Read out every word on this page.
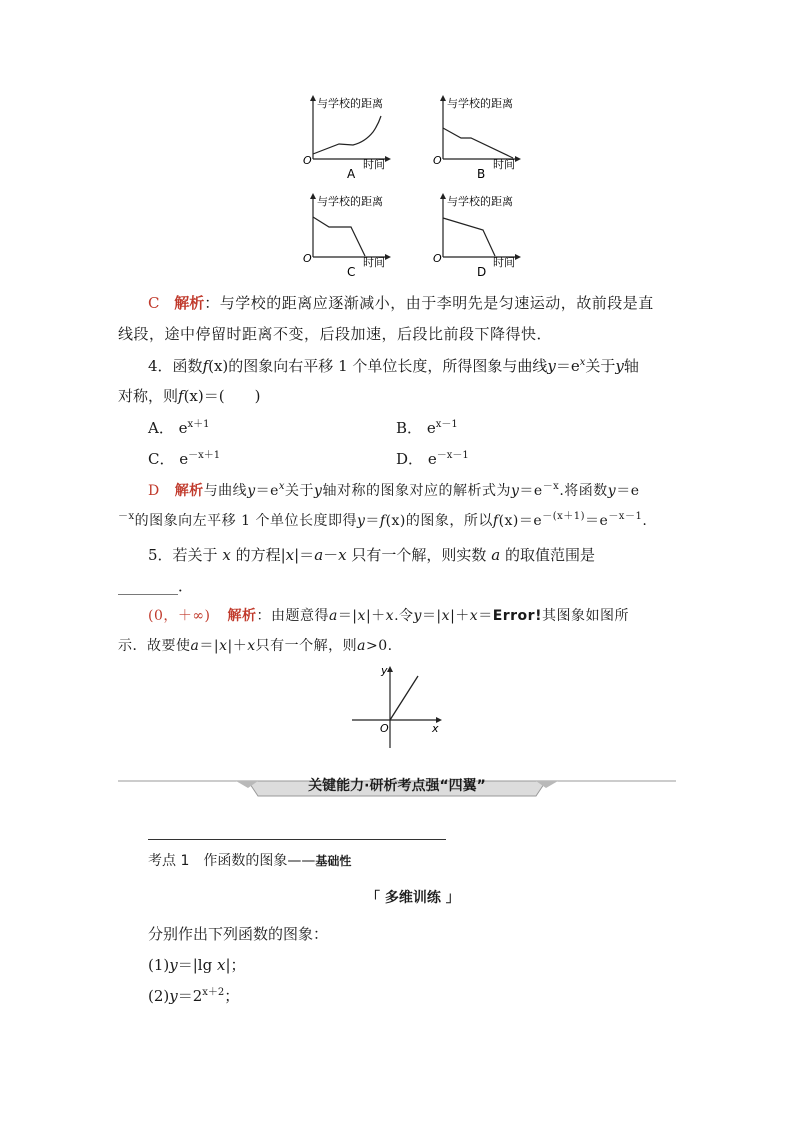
与学校的距离
时间
O
A
与学校的距离
时间
O
B
与学校的距离
时间
O
C
与学校的距离
时间
O
D
C 解析：与学校的距离应逐渐减小，由于李明先是匀速运动，故前段是直
线段，途中停留时距离不变，后段加速，后段比前段下降得快．
4．函数f(x)的图象向右平移 1 个单位长度，所得图象与曲线$y=e^x$关于y轴
对称，则f(x)＝(　　)
A． $e^{x+1}$	B． $e^{x-1}$
C． $e^{-x+1}$	D． $e^{-x-1}$
D 解析与曲线$y=e^x$关于y轴对称的图象对应的解析式为$y=e^{-x}$.将函数y＝e
$^{-x}$的图象向左平移 1 个单位长度即得y＝f(x)的图象，所以$f(x)=e^{-(x+1)}=e^{-x-1}$.
5．若关于 x 的方程|x|＝a－x 只有一个解，则实数 a 的取值范围是
________．
(0，＋∞) 解析：由题意得a＝|x|＋x.令y＝|x|＋x＝Error!其图象如图所
示．故要使a＝|x|＋x只有一个解，则a>0.
y
x
O
关键能力·研析考点强“四翼”
考点 1　作函数的图象——基础性
「 多维训练 」
分别作出下列函数的图象：
(1)y＝|lg x|；
$(2)y=2^{x+2}$；
